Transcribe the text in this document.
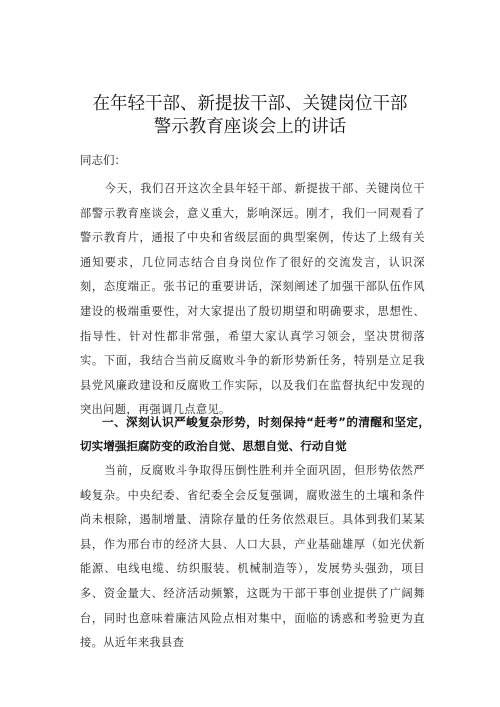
在年轻干部、新提拔干部、关键岗位干部
警示教育座谈会上的讲话

同志们：

今天，我们召开这次全县年轻干部、新提拔干部、关键岗位干部警示教育座谈会，意义重大，影响深远。刚才，我们一同观看了警示教育片，通报了中央和省级层面的典型案例，传达了上级有关通知要求，几位同志结合自身岗位作了很好的交流发言，认识深刻，态度端正。张书记的重要讲话，深刻阐述了加强干部队伍作风建设的极端重要性，对大家提出了殷切期望和明确要求，思想性、指导性、针对性都非常强，希望大家认真学习领会，坚决贯彻落实。下面，我结合当前反腐败斗争的新形势新任务，特别是立足我县党风廉政建设和反腐败工作实际，以及我们在监督执纪中发现的突出问题，再强调几点意见。

一、深刻认识严峻复杂形势，时刻保持“赶考”的清醒和坚定，切实增强拒腐防变的政治自觉、思想自觉、行动自觉

当前，反腐败斗争取得压倒性胜利并全面巩固，但形势依然严峻复杂。中央纪委、省纪委全会反复强调，腐败滋生的土壤和条件尚未根除，遏制增量、清除存量的任务依然艰巨。具体到我们某某县，作为邢台市的经济大县、人口大县，产业基础雄厚（如光伏新能源、电线电缆、纺织服装、机械制造等），发展势头强劲，项目多、资金量大、经济活动频繁，这既为干部干事创业提供了广阔舞台，同时也意味着廉洁风险点相对集中，面临的诱惑和考验更为直接。从近年来我县查
